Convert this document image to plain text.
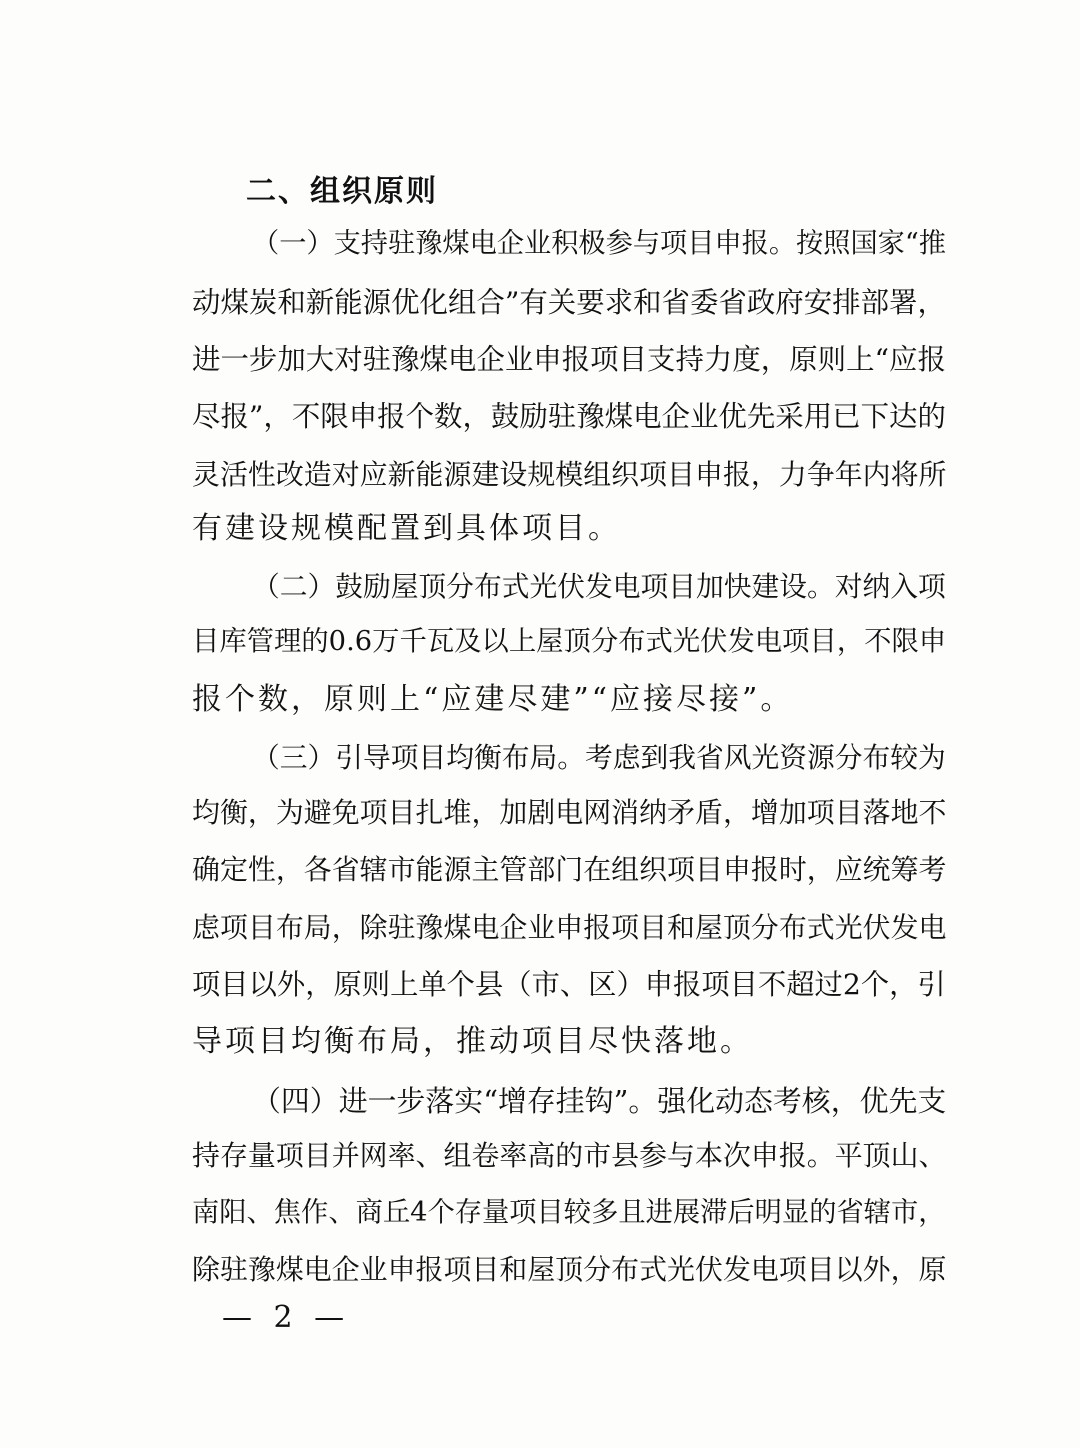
二、组织原则
（一）支持驻豫煤电企业积极参与项目申报。按照国家“推
动煤炭和新能源优化组合”有关要求和省委省政府安排部署，
进一步加大对驻豫煤电企业申报项目支持力度，原则上“应报
尽报”，不限申报个数，鼓励驻豫煤电企业优先采用已下达的
灵活性改造对应新能源建设规模组织项目申报，力争年内将所
有建设规模配置到具体项目。
（二）鼓励屋顶分布式光伏发电项目加快建设。对纳入项
目库管理的0.6万千瓦及以上屋顶分布式光伏发电项目，不限申
报个数，原则上“应建尽建”“应接尽接”。
（三）引导项目均衡布局。考虑到我省风光资源分布较为
均衡，为避免项目扎堆，加剧电网消纳矛盾，增加项目落地不
确定性，各省辖市能源主管部门在组织项目申报时，应统筹考
虑项目布局，除驻豫煤电企业申报项目和屋顶分布式光伏发电
项目以外，原则上单个县（市、区）申报项目不超过2个，引
导项目均衡布局，推动项目尽快落地。
（四）进一步落实“增存挂钩”。强化动态考核，优先支
持存量项目并网率、组卷率高的市县参与本次申报。平顶山、
南阳、焦作、商丘4个存量项目较多且进展滞后明显的省辖市，
除驻豫煤电企业申报项目和屋顶分布式光伏发电项目以外，原
— 2 —
